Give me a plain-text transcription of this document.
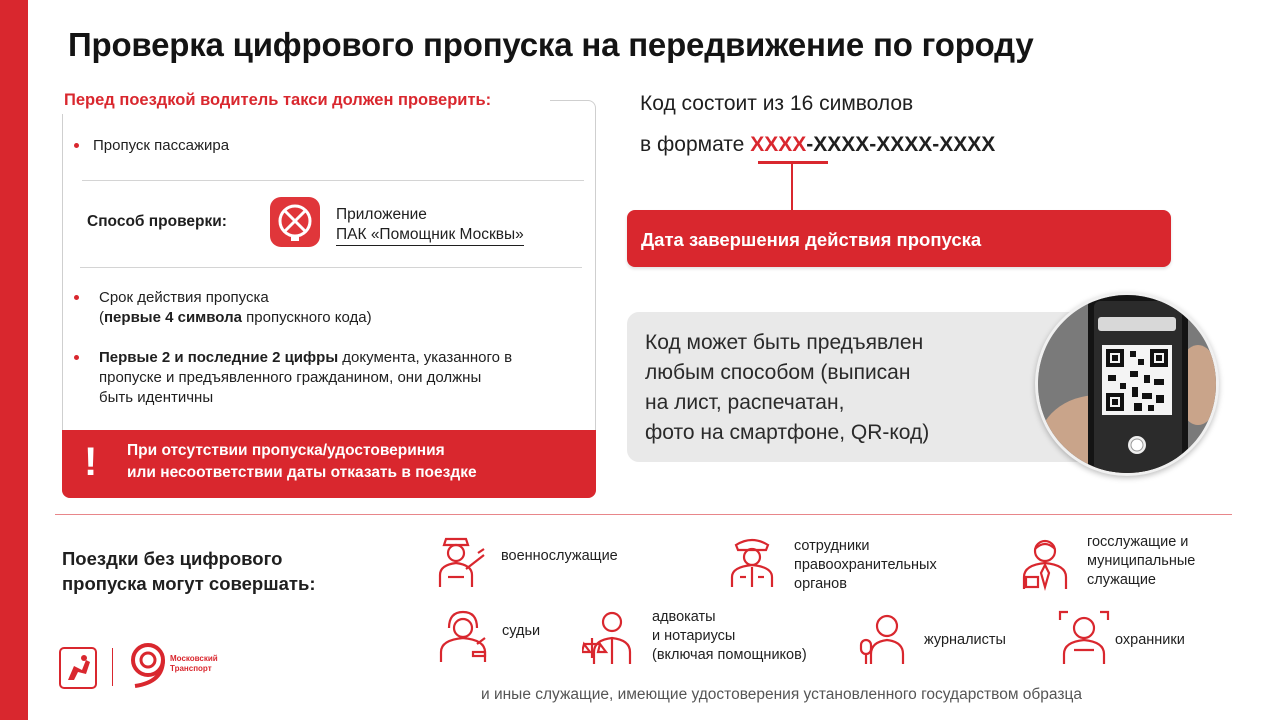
Проверка цифрового пропуска на передвижение по городу
Перед поездкой водитель такси должен проверить:
Пропуск пассажира
Способ проверки:	Приложение
ПАК «Помощник Москвы»
Срок действия пропуска
(первые 4 символа пропускного кода)
Первые 2 и последние 2 цифры документа, указанного в
пропуске и предъявленного гражданином, они должны
быть идентичны
! При отсутствии пропуска/удостовериния
или несоответствии даты отказать в поездке
Код состоит из 16 символов
в формате XXXX-XXXX-XXXX-XXXX
Дата завершения действия пропуска
Код может быть предъявлен
любым способом (выписан
на лист, распечатан,
фото на смартфоне, QR-код)
Поездки без цифрового
пропуска могут совершать:
военнослужащие
сотрудники
правоохранительных
органов
госслужащие и
муниципальные
служащие
судьи
адвокаты
и нотариусы
(включая помощников)
журналисты	охранники
и иные служащие, имеющие удостоверения установленного государством образца
Московский
Транспорт
